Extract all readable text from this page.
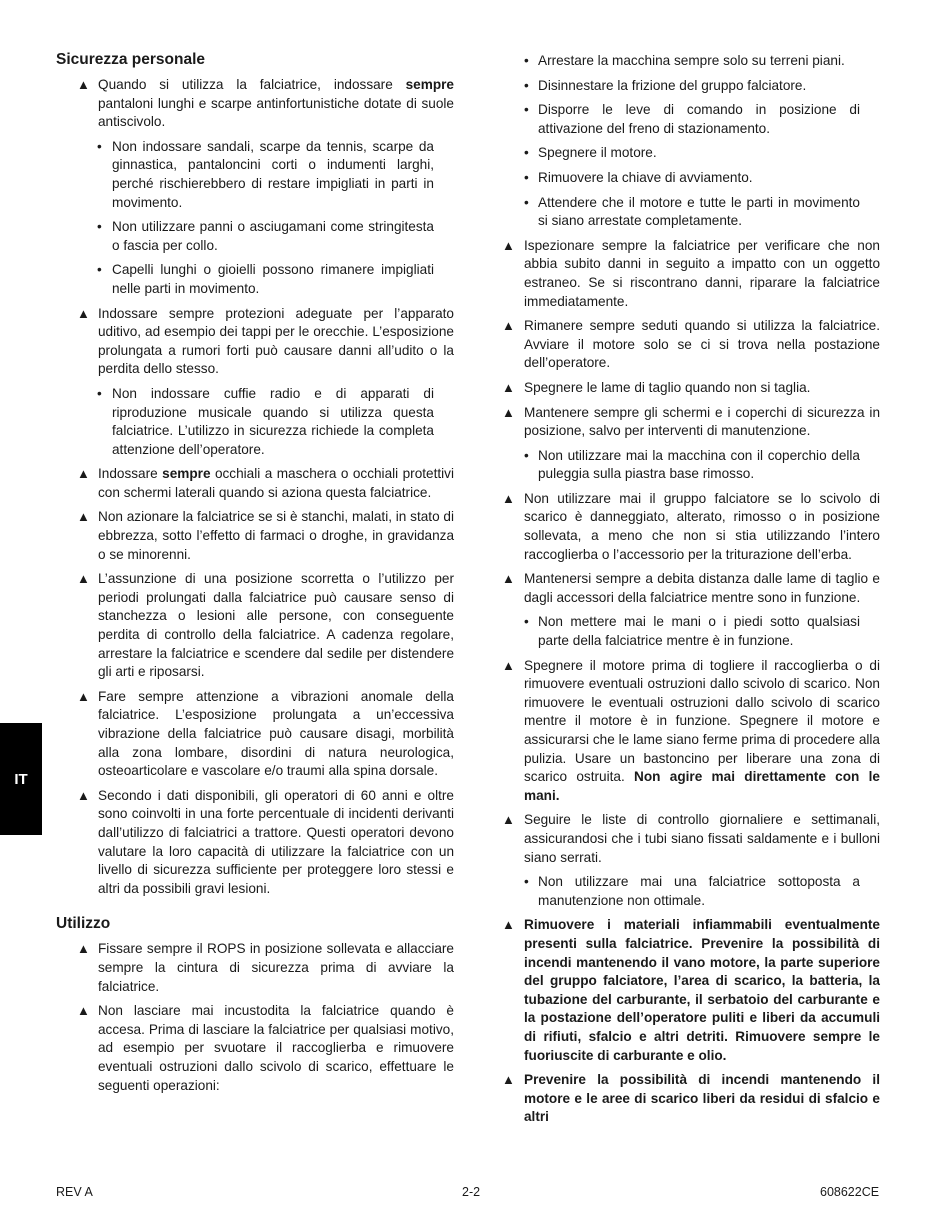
Sicurezza personale
▲ Quando si utilizza la falciatrice, indossare sempre pantaloni lunghi e scarpe antinfortunistiche dotate di suole antiscivolo.
• Non indossare sandali, scarpe da tennis, scarpe da ginnastica, pantaloncini corti o indumenti larghi, perché rischierebbero di restare impigliati in parti in movimento.
• Non utilizzare panni o asciugamani come stringitesta o fascia per collo.
• Capelli lunghi o gioielli possono rimanere impigliati nelle parti in movimento.
▲ Indossare sempre protezioni adeguate per l’apparato uditivo, ad esempio dei tappi per le orecchie. L’esposizione prolungata a rumori forti può causare danni all’udito o la perdita dello stesso.
• Non indossare cuffie radio e di apparati di riproduzione musicale quando si utilizza questa falciatrice. L’utilizzo in sicurezza richiede la completa attenzione dell’operatore.
▲ Indossare sempre occhiali a maschera o occhiali protettivi con schermi laterali quando si aziona questa falciatrice.
▲ Non azionare la falciatrice se si è stanchi, malati, in stato di ebbrezza, sotto l’effetto di farmaci o droghe, in gravidanza o se minorenni.
▲ L’assunzione di una posizione scorretta o l’utilizzo per periodi prolungati dalla falciatrice può causare senso di stanchezza o lesioni alle persone, con conseguente perdita di controllo della falciatrice. A cadenza regolare, arrestare la falciatrice e scendere dal sedile per distendere gli arti e riposarsi.
▲ Fare sempre attenzione a vibrazioni anomale della falciatrice. L’esposizione prolungata a un’eccessiva vibrazione della falciatrice può causare disagi, morbilità alla zona lombare, disordini di natura neurologica, osteoarticolare e vascolare e/o traumi alla spina dorsale.
▲ Secondo i dati disponibili, gli operatori di 60 anni e oltre sono coinvolti in una forte percentuale di incidenti derivanti dall’utilizzo di falciatrici a trattore. Questi operatori devono valutare la loro capacità di utilizzare la falciatrice con un livello di sicurezza sufficiente per proteggere loro stessi e altri da possibili gravi lesioni.
Utilizzo
▲ Fissare sempre il ROPS in posizione sollevata e allacciare sempre la cintura di sicurezza prima di avviare la falciatrice.
▲ Non lasciare mai incustodita la falciatrice quando è accesa. Prima di lasciare la falciatrice per qualsiasi motivo, ad esempio per svuotare il raccoglierba e rimuovere eventuali ostruzioni dallo scivolo di scarico, effettuare le seguenti operazioni:
• Arrestare la macchina sempre solo su terreni piani.
• Disinnestare la frizione del gruppo falciatore.
• Disporre le leve di comando in posizione di attivazione del freno di stazionamento.
• Spegnere il motore.
• Rimuovere la chiave di avviamento.
• Attendere che il motore e tutte le parti in movimento si siano arrestate completamente.
▲ Ispezionare sempre la falciatrice per verificare che non abbia subito danni in seguito a impatto con un oggetto estraneo. Se si riscontrano danni, riparare la falciatrice immediatamente.
▲ Rimanere sempre seduti quando si utilizza la falciatrice. Avviare il motore solo se ci si trova nella postazione dell’operatore.
▲ Spegnere le lame di taglio quando non si taglia.
▲ Mantenere sempre gli schermi e i coperchi di sicurezza in posizione, salvo per interventi di manutenzione.
• Non utilizzare mai la macchina con il coperchio della puleggia sulla piastra base rimosso.
▲ Non utilizzare mai il gruppo falciatore se lo scivolo di scarico è danneggiato, alterato, rimosso o in posizione sollevata, a meno che non si stia utilizzando l’intero raccoglierba o l’accessorio per la triturazione dell’erba.
▲ Mantenersi sempre a debita distanza dalle lame di taglio e dagli accessori della falciatrice mentre sono in funzione.
• Non mettere mai le mani o i piedi sotto qualsiasi parte della falciatrice mentre è in funzione.
▲ Spegnere il motore prima di togliere il raccoglierba o di rimuovere eventuali ostruzioni dallo scivolo di scarico. Non rimuovere le eventuali ostruzioni dallo scivolo di scarico mentre il motore è in funzione. Spegnere il motore e assicurarsi che le lame siano ferme prima di procedere alla pulizia. Usare un bastoncino per liberare una zona di scarico ostruita. Non agire mai direttamente con le mani.
▲ Seguire le liste di controllo giornaliere e settimanali, assicurandosi che i tubi siano fissati saldamente e i bulloni siano serrati.
• Non utilizzare mai una falciatrice sottoposta a manutenzione non ottimale.
▲ Rimuovere i materiali infiammabili eventualmente presenti sulla falciatrice. Prevenire la possibilità di incendi mantenendo il vano motore, la parte superiore del gruppo falciatore, l’area di scarico, la batteria, la tubazione del carburante, il serbatoio del carburante e la postazione dell’operatore puliti e liberi da accumuli di rifiuti, sfalcio e altri detriti. Rimuovere sempre le fuoriuscite di carburante e olio.
▲ Prevenire la possibilità di incendi mantenendo il motore e le aree di scarico liberi da residui di sfalcio e altri
IT
REV A	2-2	608622CE
